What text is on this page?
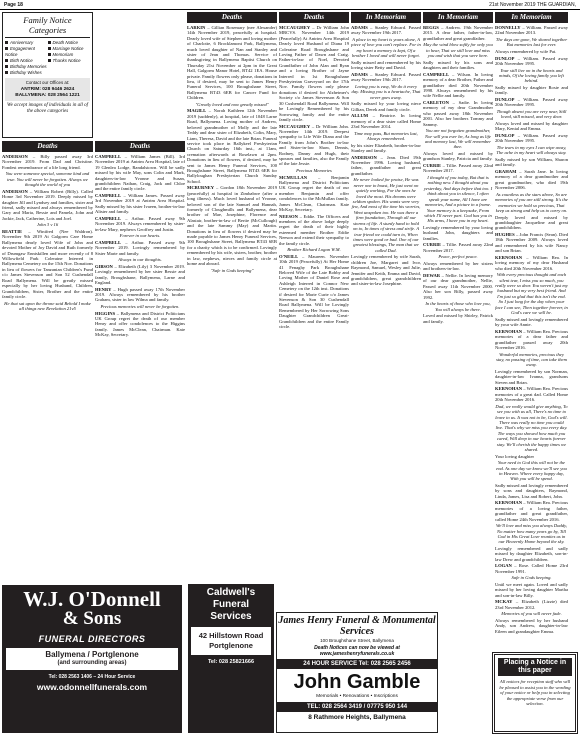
Page 18	21st November 2019 THE GUARDIAN,
Family Notice Categories
Anniversary
Engagement Notice
Birth Notice
Birthday Memories
Birthday Wishes
Death Notice
Marriage Notice
Memoriam
Thanks Notice
Contact our Offices at:
ANTRIM: 028 9446 2624
BALLYMENA: 028 2564 1221
We accept images of individuals in all of the above categories
Deaths

ANDERSON – Billy passed away 3rd November 2019. From Dad and Christine. Fondest remembrance of a life long friend.

You were someone special, someone kind and true. You will never be forgotten. Always we thought the world of you

ANDERSON – William Robert (Billy). Called Home 3rd November 2019. Deeply missed by daughter Jill and Lyndsey and families, sister and friend, sadly missed and always remembered by Gary and Maria, Bessie and Pamela, John and Jackie, Jack, Catherine, Lois and Joel.

John 3 v 16

BEATTIE – Winifred (Nee Waldron). November 9th 2019 At Galgorm Care Home Ballymena dearly loved Wife of John and devoted Mother of Joy David and Ruth formerly of Drumgaw Enniskillen and more recently of 8 Willowfield Park Coleraine Interred in Ballymena Cemetery on the 15th Nov. Donations in lieu of flowers for Tanzanian Children's Fund c/o James Stevenson and Son 52 Cushendall Road Ballymena. Will be greatly missed especially by her loving Husband, Children, Grandchildren, Sister, Brother and the entire family circle.

He that sat upon the throne said Behold I make all things new Revelation 21v5

Deaths

CAMPBELL – William James (Bill). 3rd November 2019 at Antrim Area Hospital, late of 19 Glenlea Lodge, Randalstown. Will be sadly missed by his wife May, sons Colin and Mark, daughters-in-law Yvonne and Susan, grandchildren Nathan, Craig, Jack and Chloe and the entire family circle.

CAMPBELL – William James. Passed away 3rd November 2019 at Antrim Area Hospital. Sadly missed by his sister Ivaeen, brother-in-law Alister and family.

CAMPBELL – Arthur. Passed away 9th November 2019. Always remembered by sister-in-law Mary, nephews Geoffrey and Justin.

Forever in our hearts.

CAMPBELL – Arthur. Passed away 9th November 2019. Lovingly remembered by Sister Marie and family.

Always in our thoughts.

GIBSON – Elizabeth (Lily) 3 November 2019. Lovingly remembered by her sister Ressie and family, Broughshane, Ballymena, Larne and England.

HENRY – Hugh passed away 17th November 2019. Always remembered by his brother Graham, sister in law Wilma and family.

Precious memories will never be forgotten.

HIGGINS – Ballymena and District Politicians UK Group regret the death of our member Henry and offer condolences to the Higgins family. James McClean, Chairman. Kate McKay, Secretary.

Deaths

LARKIN – Gillian Rosemary (nee Alexander) 14th November 2019, peacefully at hospital. Dearly loved wife of Stephen and loving mother of Charlotte, 6 Brocklamont Park, Ballymena, much loved daughter of Nan and Stanley and sister of Jean and Thomas. Service of thanksgiving in Ballymena Baptist Church on Thursday 21st November at 2pm in the Great Hall, Galgorm Manor Hotel, BT42 1EA. House private. Family flowers only please, donations in lieu, if desired, may be sent to James Henry Funeral Services, 100 Broughshane Street, Ballymena BT43 6EB for Cancer Fund for Children.

"Greatly loved and now greatly missed"

MAGILL – Norah Kathleen 12th November 2019 (suddenly), at hospital, late of 1048 Larne Road, Ballymena. Loving mother of Andrew, beloved grandmother of Molly and the late Teddy and dear sister of Elizabeth, Colin, Mary, Liam, Theresa, David and the late Brian. Funeral service took place in Ballykeel Presbyterian Church on Saturday 16th inst., at 11am, cremation afterwards at Roselawn at 2pm. Donations in lieu of flowers, if desired, may be sent to James Henry Funeral Services, 100 Broughshane Street, Ballymena BT43 6EB for Ballyloughan Presbyterian Church Sunday School.

MCBURNEY – Gordon 18th November 2019 (peacefully) at hospital in Zimbabwe (after a long illness). Much loved husband of Yvonne, beloved son of the late Samuel and Hannah, formerly of Cloughmills and Ballymena, dear brother of Mae, Josephine, Florence and Alastair, brother-in-law of Bertie (McCullough) and the late Sammy (May) and Martin. Donations in lieu of flowers if desired may be made payable to James Henry Funeral Services, 100 Broughshane Street, Ballymena BT43 6EB for a charity which is to be confirmed. Lovingly remembered by his wife, sisters, brother, brother in law, nephews, nieces and family circle at home and abroad.

"Safe in Gods keeping"

Deaths

MCCAUGHEY – Dr William John MRCVS. November 14th 2019 (Peacefully) At Antrim Area Hospital Dearly loved Husband of Diana 19 Coleraine Road Broughshane and Loving Father of Dawn and Craig. Father-in-law of Noel, Devoted Grandfather of John Alan and Ryan and a loving Brother of Jayne Interred in 1st Broughshane Presbyterian Graveyard on the 17th Nov. Family flowers only please donations if desired for Alzheimer's Society c/o James Stevenson & Son 30 Cushendall Road Ballymena. Will be Lovingly Remembered by his Sorrowing family and the entire family circle.

MCCAUGHEY – Dr William John. November 14th 2019. Deepest sympathy to Life Wife Diana and the Family from John's Brother in-law and Sister-in-law Shaw, Dennis, Rodney, Danny and Hugh, their spouses and families, also the Family of the late Jessie.

Precious Memories

MCMULLAN – Benjamin Ballymena and District Politicians UK Group regret the death of our member Benjamin and offer condolences to the McMullan family. James McClean, Chairman. Kate McKay, Secretary.

NEESON – Eddie. The Officers and members of the above lodge deeply regret the death of their highly esteemed member Brother Eddie Neeson and extend their sympathy to the family circle.

Brother Richard Logan W.M.

O'NEILL – Maureen. November 10th 2019 (Peacefully) At Her Home 41 Fenaghy Park Broughshane Beloved Wife of the Late Bobby and Loving Mother of Daniel Rose and Ashleigh Interred in Connor New Cemetery on the 12th inst. Donations if desired for Marie Curie c/o James Stevenson & Son 30 Cushendall Road Ballymena. Will be Lovingly Remembered by Her Sorrowing Sons Daughter Grandchildren Great-Grandchildren and the entire Family circle.

In Memoriam

ADAMS – Stanley Edward. Passed away November 19th 2017.

A place in my heart is yours alone, A piece of love you can't replace. For in my heart a memory is kept, Of a brother I loved and will never forget.

Sadly missed and remembered by his loving sister Betty and David.

ADAMS – Stanley Edward. Passed away November 19th 2017.

Loving you is easy, We do it every day. Missing you is a heartache, That never goes away.

Sadly missed by your loving niece Gillian, Derek and family circle.

ALLUM – Beatrice. In loving memory of a dear sister called Home 23rd November 2014.

Time may pass, But memories last, Always remembered.

by his sister Elizabeth, brother-in-law Stanley and family.

ANDERSON – Jean. Died 19th November 1996. Loving husband, father, grandfather and great grandfather.

He never looked for praise, He was never one to boast, He just went on quietly working, For the ones he loved the most. His dreams were seldom spoken. His wants were very few, And most of the time his worries, Went unspoken too. He was there a firm foundation, Through all our storms of life. A sturdy hand to hold on to, In times of stress and strife. A true friend we could turn to, When times were good or bad. One of our greatest blessings, The man that we called Dad.

Lovingly remembered by wife Sarah, children Joe, Margaret and Ivor, Raymond, Samuel, Wesley and Julie, Jennifer and Keith, Emma and David, grandchildren, great grandchildren and sister-in-law Josephine.

In Memoriam

BEGGS – Andrew. 19th November 2015. A dear father, father-in-law, grandfather and great grandfather.

May the wind blow softly for only you to hear, That we still love and miss you and wish that you were here.

Sadly missed by his sons and daughters and their families.

CAMPBELL – Wilson. In loving memory of a dear Brother, Father and grandfather died 20th November 1998. Always remembered by his wife Nellie and family.

CARLETON – Sadie. In loving memory of my dear Grandmother who passed away 18th November 2001. Also her brothers Tommy and Sammy.

You are not forgotten grandmother, Nor will you ever be, As long as life and memory last, We will remember thee.

Always loved and missed by grandson Stanley, Patricia and family.

CURRIE – Tillie. Passed away 22nd November 2017.

I thought of you today, But that is nothing new. I thought about you yesterday, And days before that too. I think about you in silence, I often speak your name, All I have are memories, And a picture in a frame. Your memory is a keepsake, From which I'll never part. God has you in His arms, I have you in my heart.

Lovingly remembered by your loving husband John, daughters and families.

CURRIE – Tillie. Passed away 22nd November 2017.

Peace, perfect peace.

Always remembered by her sisters and brothers-in-law.

DEWAR – Nellie. In loving memory of our dear grandmother, Nellie, Passed away 11th November 2000. Also her son Billy, passed away 1992.

In the hearts of those who love you, You will always be there.

Loved and missed by Shirley, Patrick and family.

In Memoriam

DONNELLY – William. Passed away 22nd November 2013.

The days are gone, We shared together But memories last for ever.

Always remembered by wife Pat.

DUNLOP – William. Passed away 20th November 1995.

Your still live on in the hearts and minds, Of the loving family you left behind.

Sadly missed by daughter Rosie and family.

DUNLOP – William. Passed away 20th November 1995.

Though absent you are very near, Still loved, still missed, and very dear.

Always loved and missed by daughter Mary, Kenial and Emma.

DUNLOP – William. Passed away 20th November 1995.

The tears in my eyes I can wipe away, The ache in my heart will always stay.

Sadly missed by son William, Sharon and family.

GRAHAM – Sarah Jane. In loving memory of a dear grandmother and great grandmother, who died 19th November 2006.

As countless as the stars above, So are memories of you are still strong. It's the memories we hold so precious, That keep us strong and help us to carry on.

Deeply loved and missed by granddaughter Jacqueline and great grandchildren.

HUGHES – John Francis (Sean). Died 18th November 2009. Always loved and remembered by his wife Nancy and son Brian.

KERNOHAN – William Rea. In loving memory of my dear Husband who died 20th November 2016.

With every precious thought and each silent tear, I miss you so much, you really were so dear. You weren't just my husband but my very best friend. And I'm just so glad that this isn't the end. So I just long for the day when your face I can see, Then together forever, in God's care we will be.

Sadly missed and lovingly remembered by your wife Annie.

KERNOHAN – William Rea. Precious memories of a dear father and grandfather passed away 20th November 2016.

Wonderful memories, precious they stay, no passing of time, can take them away.

Lovingly remembered by son Norman, daughter-in-law Ivanna, grandsons Steven and Brian.

KERNOHAN – William Rea. Precious memories of a great dad. Called Home 20th November 2016.

Dad, we really would give anything, To see you with us all, There's no time to leave to us. It was not to be, God's will. There was really no time you could live. That's why we miss you every day. The ways you showed how much you cared, Will deep in our hearts forever stay. We'll cherish the happy times we shared.

Your loving daughter

Your need to God this will not be the end. As one day we know we'll see you in Heaven. Where every happy day, With you will be spend.

Sadly missed and lovingly remembered by sons and daughters, Raymond, Linda, James, Lisa and Robert, John.

KERNOHAN – William Rea. Precious memories of a loving father, grandfather and great grandfather, called Home 24th November 2016.

We'll love and miss you always Daddy, No matter how many years go by, Till God in His Great Love reunites us in our Heavenly Home beyond the sky.

Lovingly remembered and sadly missed by daughter Elizabeth, son-in-law Drew and grandchildren.

LOGAN – Rose. Called Home 23rd November 1991.

Safe in Gods keeping.

Until we meet again. Loved and sadly missed by her loving daughter Martha and son-in-law Billy.

MCKAY – Elizabeth (Lizzie) died 23rd November 2012.

Memories of you will never fade.

Always remembered by her husband Andy, son Andrew, daughter-in-law Eileen and grandaughter Emma.

W.J. O'Donnell
& Sons
FUNERAL DIRECTORS
Ballymena / Portglenone
(and surrounding areas)
Tel: 028 2563 1406 – 24 Hour Service
www.odonnellfunerals.com
Caldwell's Funeral Services
42 Hillstown Road Portglenone
Tel: 028 25821666
James Henry Funeral & Monumental Services
100 Broughshane Street, Ballymena
Death Notices can now be viewed at www.jameshenryfunerals.co.uk
24 HOUR SERVICE Tel: 028 2565 2456
John Gamble
Memorials • Renovations • Inscriptions
TEL: 028 2564 3419 / 07775 950 144
8 Rathmore Heights, Ballymena
Placing a Notice in this paper
All notices for reception staff who will be pleased to assist you in the wording of your notice or help you in selecting the appropriate verse from our selection.
